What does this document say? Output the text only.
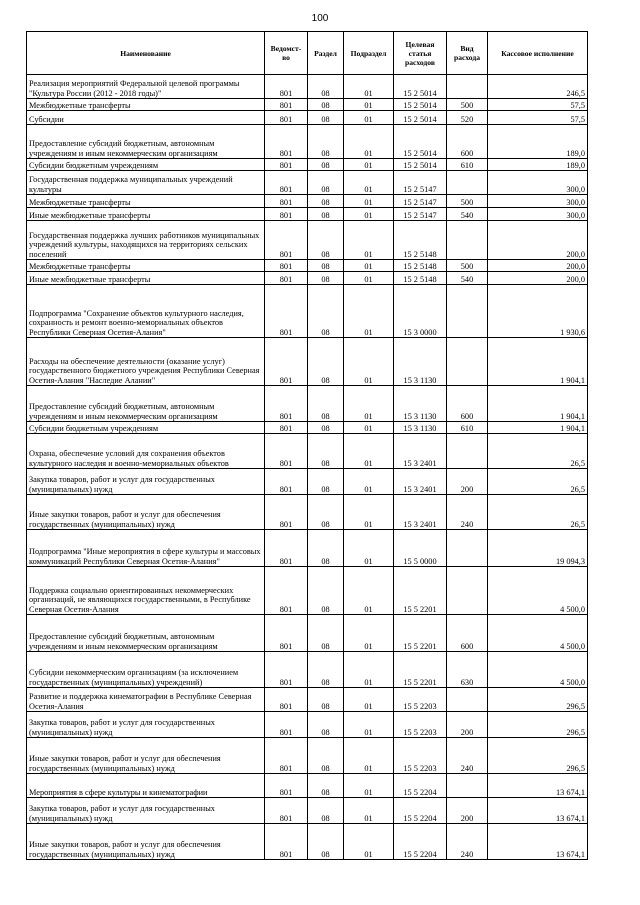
100
Наименование	Ведомст-во	Раздел	Подраздел	Целевая статья расходов	Вид расхода	Кассовое исполнение
Реализация мероприятий Федеральной целевой программы "Культура России (2012 - 2018 годы)"	801	08	01	15 2 5014		246,5
Межбюджетные трансферты	801	08	01	15 2 5014	500	57,5
Субсидии	801	08	01	15 2 5014	520	57,5
Предоставление субсидий бюджетным, автономным учреждениям и иным некоммерческим организациям	801	08	01	15 2 5014	600	189,0
Субсидии бюджетным учреждениям	801	08	01	15 2 5014	610	189,0
Государственная поддержка муниципальных учреждений культуры	801	08	01	15 2 5147		300,0
Межбюджетные трансферты	801	08	01	15 2 5147	500	300,0
Иные межбюджетные трансферты	801	08	01	15 2 5147	540	300,0
Государственная поддержка лучших работников муниципальных учреждений культуры, находящихся на территориях сельских поселений	801	08	01	15 2 5148		200,0
Межбюджетные трансферты	801	08	01	15 2 5148	500	200,0
Иные межбюджетные трансферты	801	08	01	15 2 5148	540	200,0
Подпрограмма "Сохранение объектов культурного наследия, сохранность и ремонт военно-мемориальных объектов Республики Северная Осетия-Алания"	801	08	01	15 3 0000		1 930,6
Расходы на обеспечение деятельности (оказание услуг) государственного бюджетного учреждения Республики Северная Осетия-Алания "Наследие Алании"	801	08	01	15 3 1130		1 904,1
Предоставление субсидий бюджетным, автономным учреждениям и иным некоммерческим организациям	801	08	01	15 3 1130	600	1 904,1
Субсидии бюджетным учреждениям	801	08	01	15 3 1130	610	1 904,1
Охрана, обеспечение условий для сохранения объектов культурного наследия и военно-мемориальных объектов	801	08	01	15 3 2401		26,5
Закупка товаров, работ и услуг для государственных (муниципальных) нужд	801	08	01	15 3 2401	200	26,5
Иные закупки товаров, работ и услуг для обеспечения государственных (муниципальных) нужд	801	08	01	15 3 2401	240	26,5
Подпрограмма "Иные мероприятия в сфере культуры и массовых коммуникаций Республики Северная Осетия-Алания"	801	08	01	15 5 0000		19 094,3
Поддержка социально ориентированных некоммерческих организаций, не являющихся государственными, в Республике Северная Осетия-Алания	801	08	01	15 5 2201		4 500,0
Предоставление субсидий бюджетным, автономным учреждениям и иным некоммерческим организациям	801	08	01	15 5 2201	600	4 500,0
Субсидии некоммерческим организациям (за исключением государственных (муниципальных) учреждений)	801	08	01	15 5 2201	630	4 500,0
Развитие и поддержка кинематографии в Республике Северная Осетия-Алания	801	08	01	15 5 2203		296,5
Закупка товаров, работ и услуг для государственных (муниципальных) нужд	801	08	01	15 5 2203	200	296,5
Иные закупки товаров, работ и услуг для обеспечения государственных (муниципальных) нужд	801	08	01	15 5 2203	240	296,5
Мероприятия в сфере культуры и кинематографии	801	08	01	15 5 2204		13 674,1
Закупка товаров, работ и услуг для государственных (муниципальных) нужд	801	08	01	15 5 2204	200	13 674,1
Иные закупки товаров, работ и услуг для обеспечения государственных (муниципальных) нужд	801	08	01	15 5 2204	240	13 674,1
